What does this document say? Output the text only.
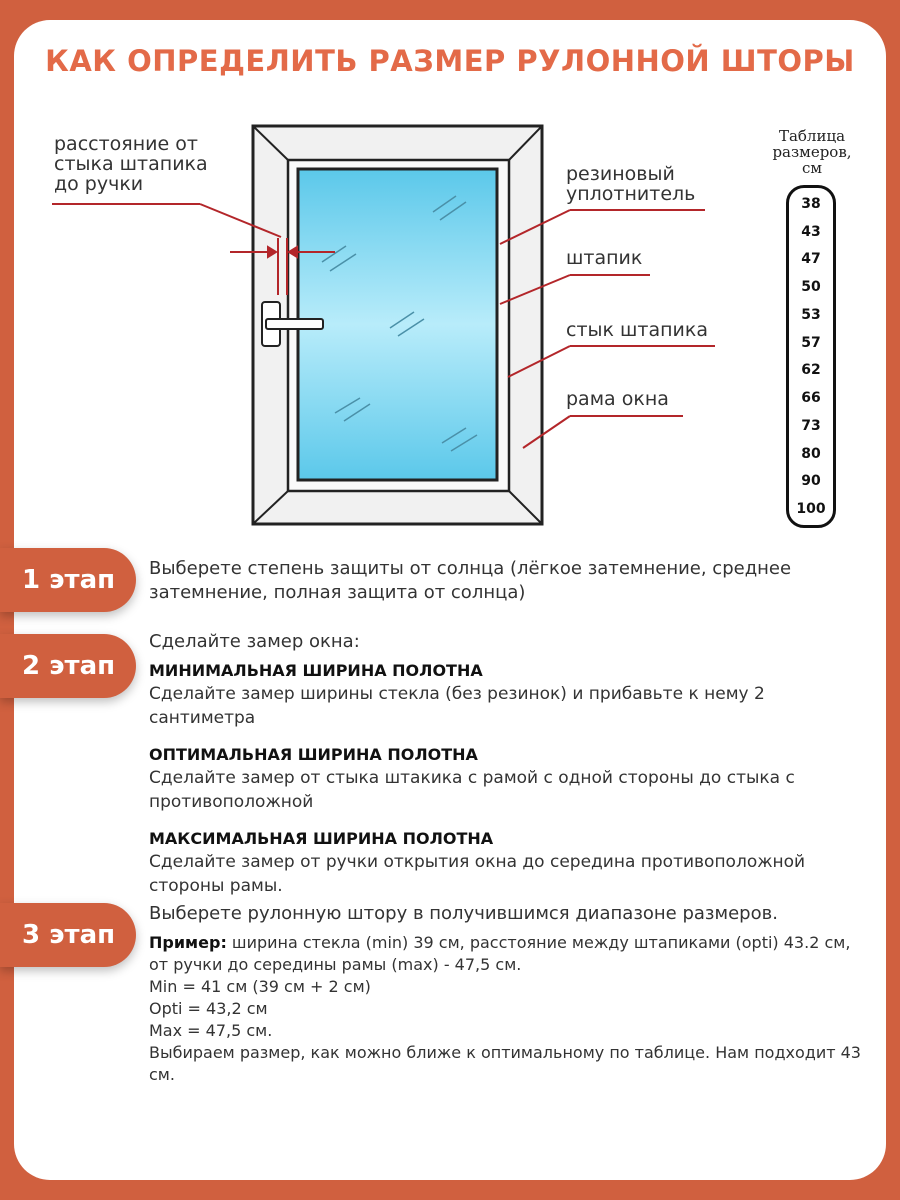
КАК ОПРЕДЕЛИТЬ РАЗМЕР РУЛОННОЙ ШТОРЫ
расстояние от
стыка штапика
до ручки	резиновый
уплотнитель
штапик
стык штапика
рама окна
Таблица
размеров,
см
38
43
47
50
53
57
62
66
73
80
90
100
1 этап	Выберете степень защиты от солнца (лёгкое затемнение, среднее затемнение, полная защита от солнца)
2 этап
Сделайте замер окна:
МИНИМАЛЬНАЯ ШИРИНА ПОЛОТНА
Сделайте замер ширины стекла (без резинок) и прибавьте к нему 2 сантиметра
ОПТИМАЛЬНАЯ ШИРИНА ПОЛОТНА
Сделайте замер от стыка штакика с рамой с одной стороны до стыка с противоположной
МАКСИМАЛЬНАЯ ШИРИНА ПОЛОТНА
Сделайте замер от ручки открытия окна до середина противоположной стороны рамы.
3 этап
Выберете рулонную штору в получившимся диапазоне размеров.
Пример: ширина стекла (min) 39 см, расстояние между штапиками (opti) 43.2 см, от ручки до середины рамы (max) - 47,5 см.
Min = 41 см (39 см + 2 см)
Opti = 43,2 см
Max = 47,5 см.
Выбираем размер, как можно ближе к оптимальному по таблице. Нам подходит 43 см.
